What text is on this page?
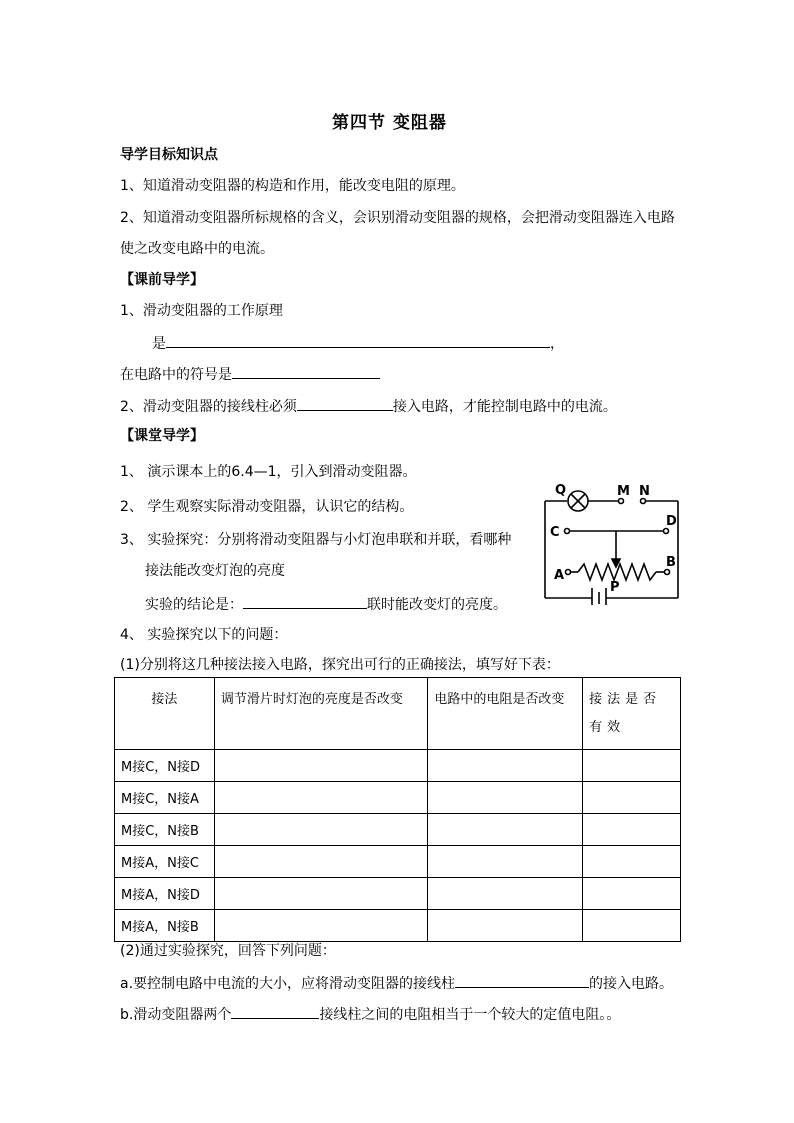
第四节 变阻器
导学目标知识点
1、知道滑动变阻器的构造和作用，能改变电阻的原理。
2、知道滑动变阻器所标规格的含义，会识别滑动变阻器的规格，会把滑动变阻器连入电路
使之改变电路中的电流。
【课前导学】
1、滑动变阻器的工作原理
是	，
在电路中的符号是
2、滑动变阻器的接线柱必须	接入电路，才能控制电路中的电流。
【课堂导学】
1、 演示课本上的6.4—1，引入到滑动变阻器。
2、 学生观察实际滑动变阻器，认识它的结构。
3、 实验探究：分别将滑动变阻器与小灯泡串联和并联，看哪种
接法能改变灯泡的亮度
实验的结论是：	联时能改变灯的亮度。
4、 实验探究以下的问题：
(1)分别将这几种接法接入电路，探究出可行的正确接法，填写好下表：
Q	M N
C
D
A
B
P
接法	调节滑片时灯泡的亮度是否改变	电路中的电阻是否改变	接法是否有效
M接C，N接D			
M接C，N接A			
M接C，N接B			
M接A，N接C			
M接A，N接D			
M接A，N接B			
(2)通过实验探究，回答下列问题：
a.要控制电路中电流的大小，应将滑动变阻器的接线柱	的接入电路。
b.滑动变阻器两个	接线柱之间的电阻相当于一个较大的定值电阻。。
